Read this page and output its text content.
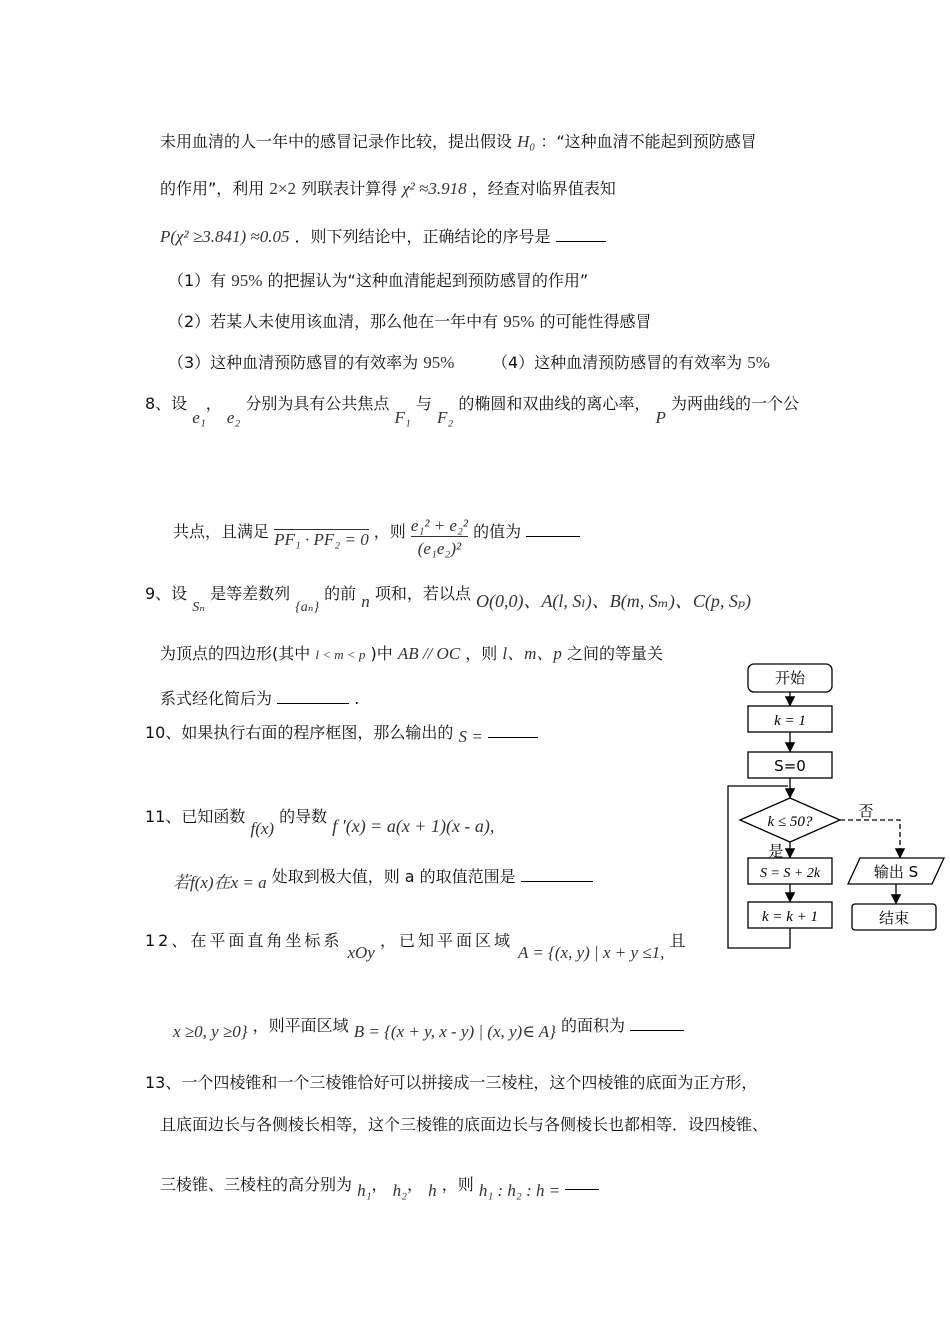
未用血清的人一年中的感冒记录作比较，提出假设 H₀ ：“这种血清不能起到预防感冒
的作用”，利用 2×2 列联表计算得 χ² ≈3.918 ，经查对临界值表知
P(χ² ≥3.841) ≈0.05 ．则下列结论中，正确结论的序号是
（1）有 95% 的把握认为“这种血清能起到预防感冒的作用”
（2）若某人未使用该血清，那么他在一年中有 95% 的可能性得感冒
（3）这种血清预防感冒的有效率为 95% （4）这种血清预防感冒的有效率为 5%
8、设 e₁， e₂ 分别为具有公共焦点 F₁ 与 F₂ 的椭圆和双曲线的离心率， P 为两曲线的一个公
共点，且满足 PF₁ · PF₂ = 0 ，则 $\frac{\text{e₁² + e₂²}}{\text{(e₁e₂)²}}$ 的值为
9、设 Sₙ 是等差数列 {aₙ} 的前 n 项和，若以点 O(0,0)、A(l, Sₗ)、B(m, Sₘ)、C(p, Sₚ)
为顶点的四边形(其中 l < m < p )中 AB // OC ，则 l、m、p 之间的等量关
系式经化简后为	.
10、如果执行右面的程序框图，那么输出的 S =
11、已知函数 f(x) 的导数 f ′(x) = a(x + 1)(x - a),
若f(x)在x = a 处取到极大值，则 a 的取值范围是
12、在平面直角坐标系 xOy ，已知平面区域 A = {(x, y) | x + y ≤1, 且
x ≥0, y ≥0} ，则平面区域 B = {(x + y, x - y) | (x, y)∈ A} 的面积为
13、一个四棱锥和一个三棱锥恰好可以拼接成一三棱柱，这个四棱锥的底面为正方形，
且底面边长与各侧棱长相等，这个三棱锥的底面边长与各侧棱长也都相等．设四棱锥、
三棱锥、三棱柱的高分别为 h₁， h₂， h ，则 h₁ : h₂ : h =
开始
k = 1
S=0
k ≤ 50?
否
是
S = S + 2k
k = k + 1
输出 S
结束
